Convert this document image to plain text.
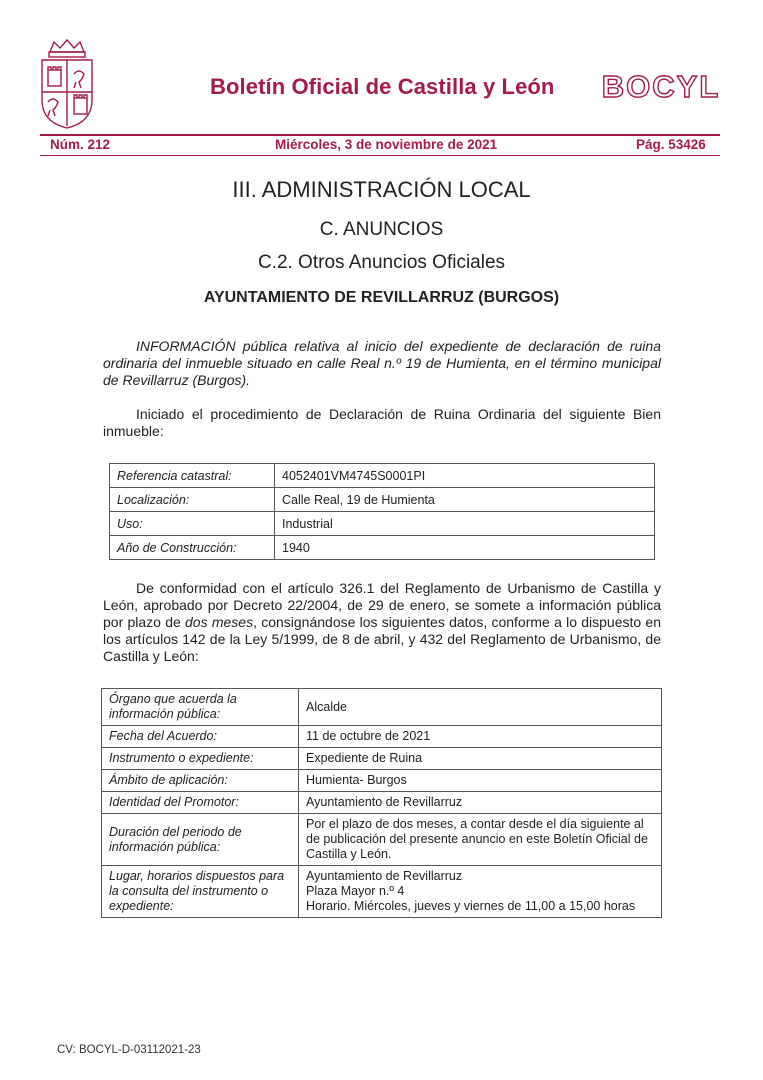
Boletín Oficial de Castilla y León BOCYL
Núm. 212	Miércoles, 3 de noviembre de 2021	Pág. 53426
III. ADMINISTRACIÓN LOCAL
C. ANUNCIOS
C.2. Otros Anuncios Oficiales
AYUNTAMIENTO DE REVILLARRUZ (BURGOS)
INFORMACIÓN pública relativa al inicio del expediente de declaración de ruina ordinaria del inmueble situado en calle Real n.º 19 de Humienta, en el término municipal de Revillarruz (Burgos).
Iniciado el procedimiento de Declaración de Ruina Ordinaria del siguiente Bien inmueble:
Referencia catastral:	4052401VM4745S0001PI
Localización:	Calle Real, 19 de Humienta
Uso:	Industrial
Año de Construcción:	1940
De conformidad con el artículo 326.1 del Reglamento de Urbanismo de Castilla y León, aprobado por Decreto 22/2004, de 29 de enero, se somete a información pública por plazo de dos meses, consignándose los siguientes datos, conforme a lo dispuesto en los artículos 142 de la Ley 5/1999, de 8 de abril, y 432 del Reglamento de Urbanismo, de Castilla y León:
Órgano que acuerda la información pública:	Alcalde
Fecha del Acuerdo:	11 de octubre de 2021
Instrumento o expediente:	Expediente de Ruina
Ámbito de aplicación:	Humienta- Burgos
Identidad del Promotor:	Ayuntamiento de Revillarruz
Duración del periodo de información pública:	Por el plazo de dos meses, a contar desde el día siguiente al de publicación del presente anuncio en este Boletín Oficial de Castilla y León.
Lugar, horarios dispuestos para la consulta del instrumento o expediente:	Ayuntamiento de Revillarruz
Plaza Mayor n.º 4
Horario. Miércoles, jueves y viernes de 11,00 a 15,00 horas
CV: BOCYL-D-03112021-23
